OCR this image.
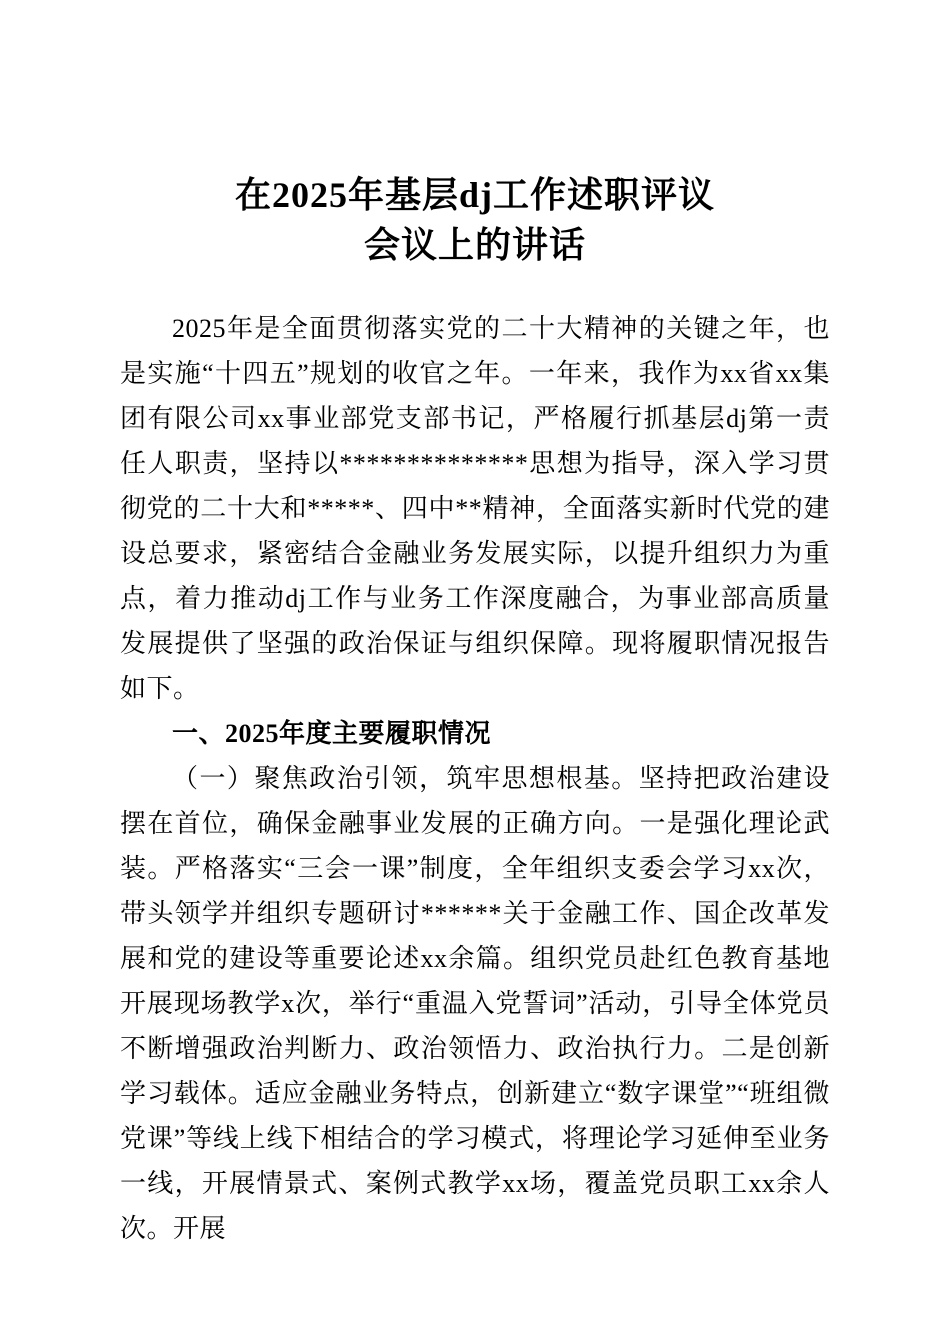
在2025年基层dj工作述职评议
会议上的讲话

2025年是全面贯彻落实党的二十大精神的关键之年，也是实施“十四五”规划的收官之年。一年来，我作为xx省xx集团有限公司xx事业部党支部书记，严格履行抓基层dj第一责任人职责，坚持以**************思想为指导，深入学习贯彻党的二十大和*****、四中**精神，全面落实新时代党的建设总要求，紧密结合金融业务发展实际，以提升组织力为重点，着力推动dj工作与业务工作深度融合，为事业部高质量发展提供了坚强的政治保证与组织保障。现将履职情况报告如下。

一、2025年度主要履职情况

（一）聚焦政治引领，筑牢思想根基。坚持把政治建设摆在首位，确保金融事业发展的正确方向。一是强化理论武装。严格落实“三会一课”制度，全年组织支委会学习xx次，带头领学并组织专题研讨******关于金融工作、国企改革发展和党的建设等重要论述xx余篇。组织党员赴红色教育基地开展现场教学x次，举行“重温入党誓词”活动，引导全体党员不断增强政治判断力、政治领悟力、政治执行力。二是创新学习载体。适应金融业务特点，创新建立“数字课堂”“班组微党课”等线上线下相结合的学习模式，将理论学习延伸至业务一线，开展情景式、案例式教学xx场，覆盖党员职工xx余人次。开展
